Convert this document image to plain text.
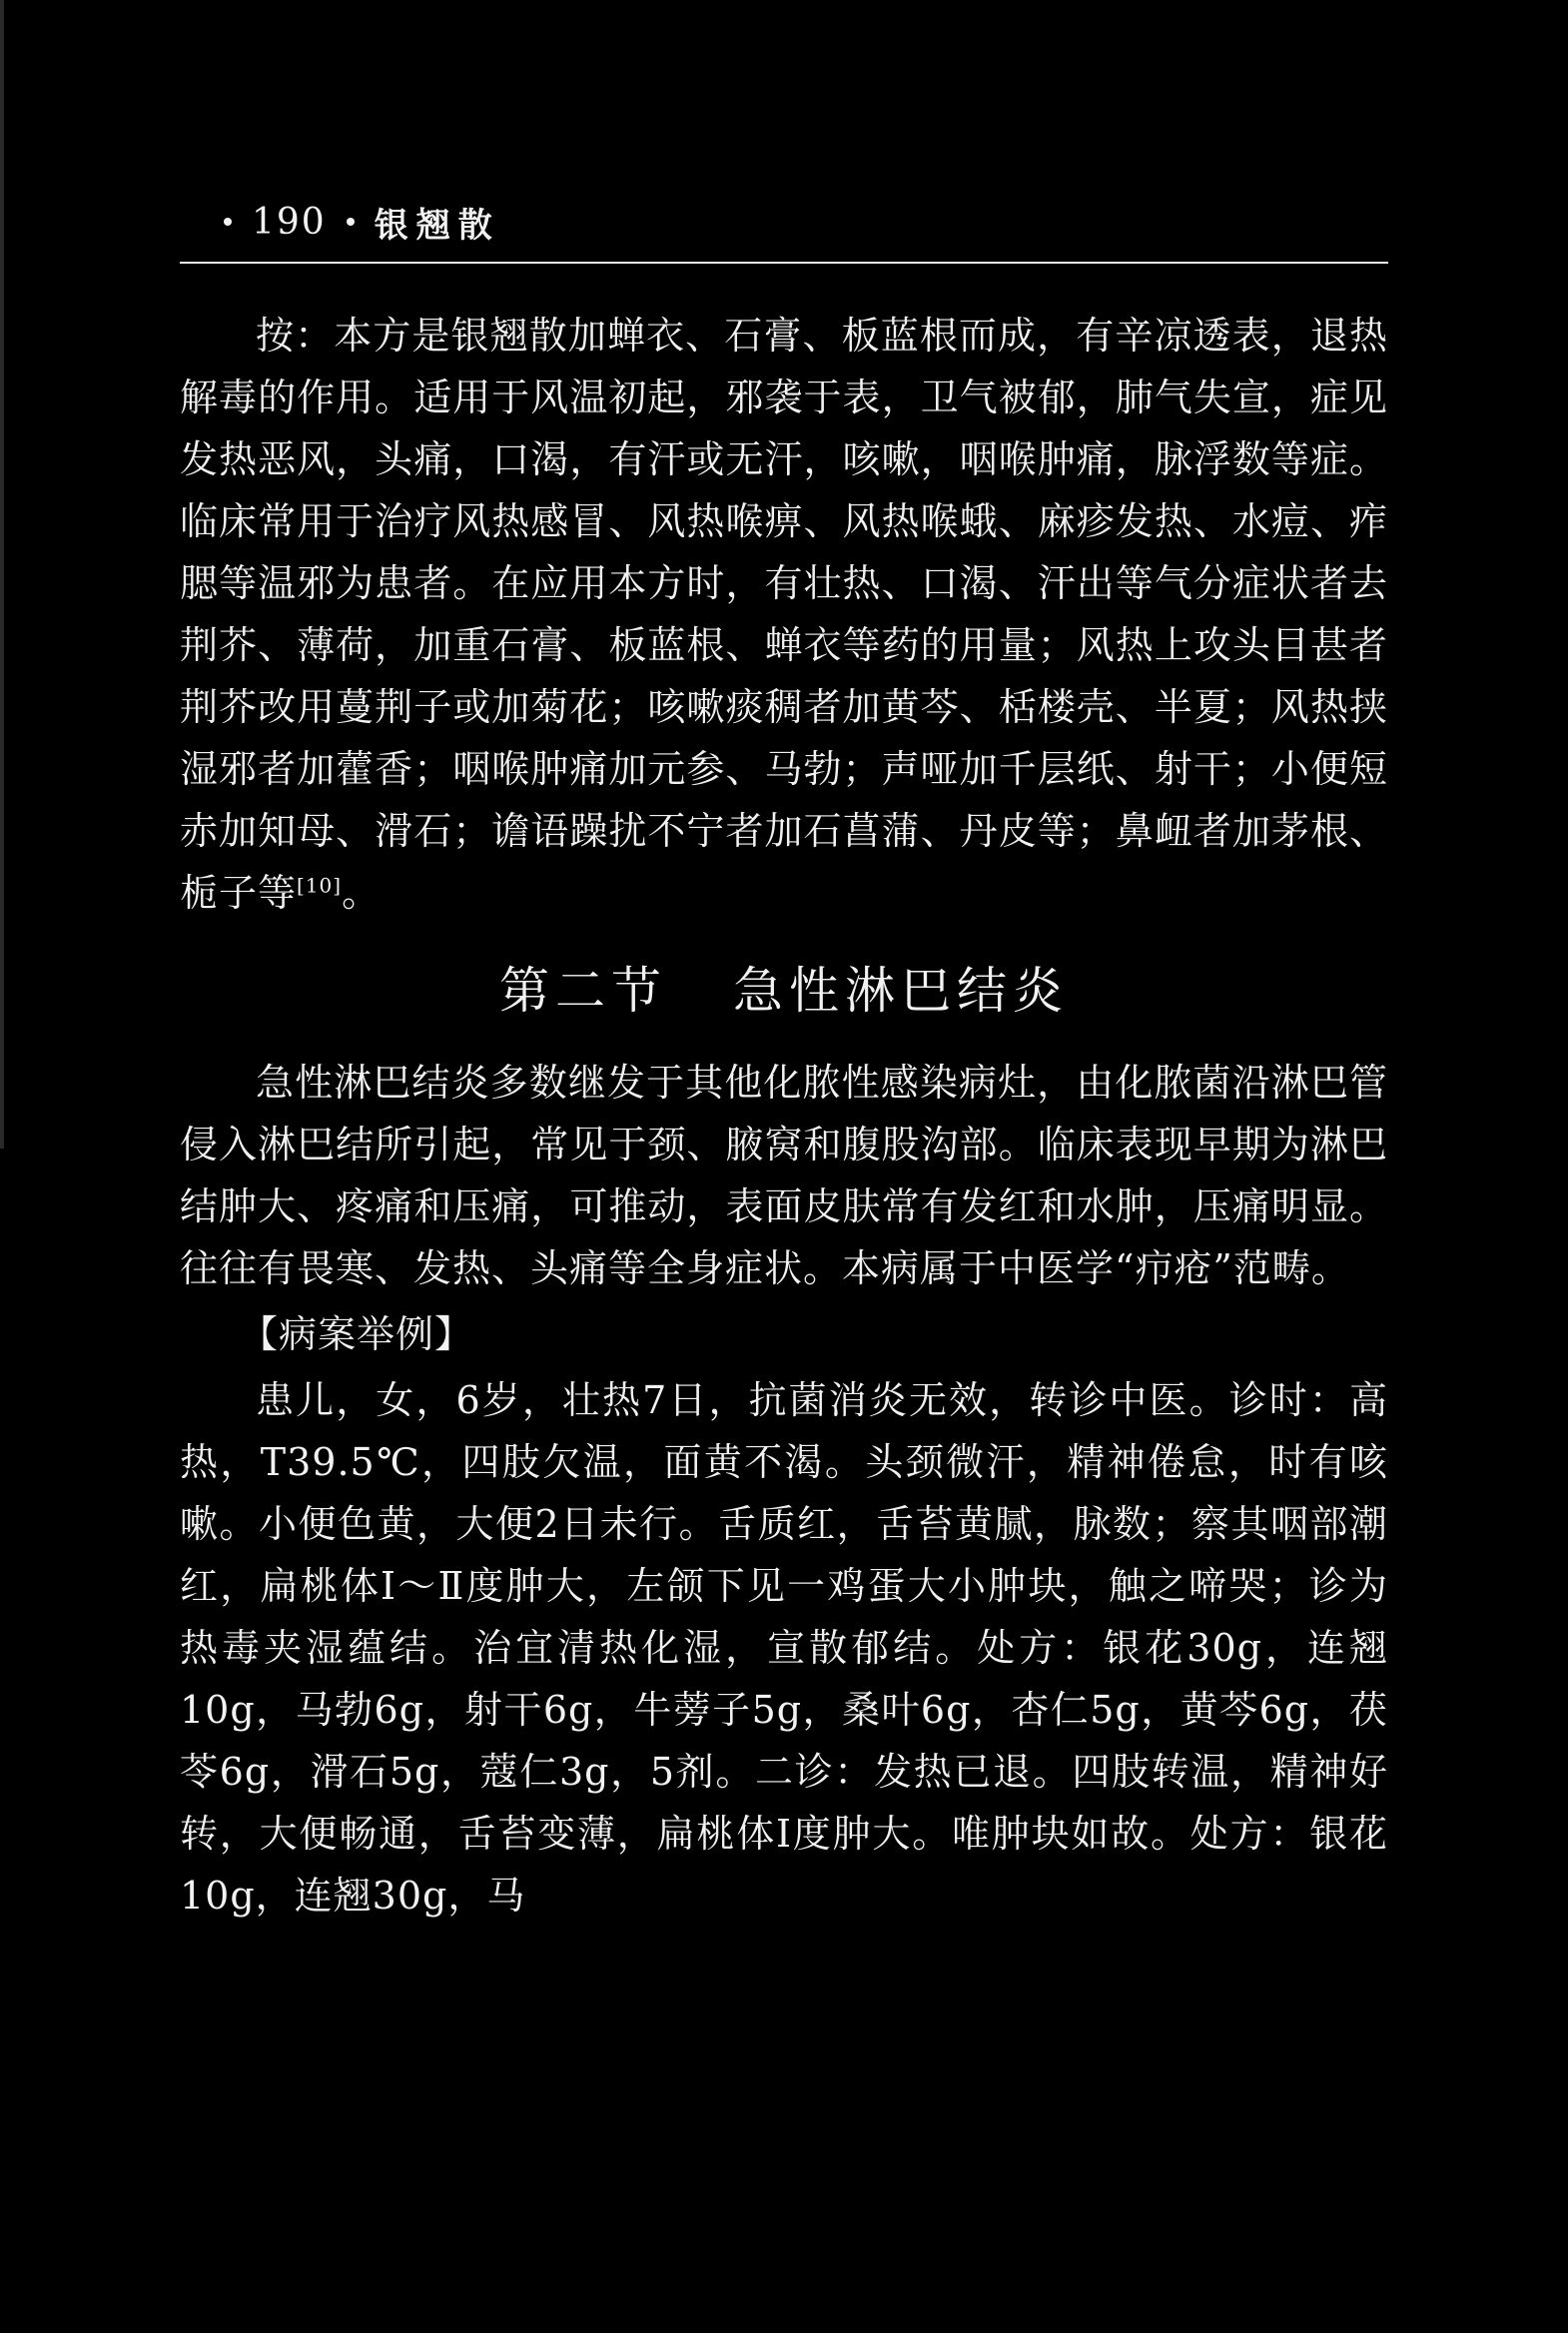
190 银翘散

按：本方是银翘散加蝉衣、石膏、板蓝根而成，有辛凉透表，退热解毒的作用。适用于风温初起，邪袭于表，卫气被郁，肺气失宣，症见发热恶风，头痛，口渴，有汗或无汗，咳嗽，咽喉肿痛，脉浮数等症。临床常用于治疗风热感冒、风热喉痹、风热喉蛾、麻疹发热、水痘、痄腮等温邪为患者。在应用本方时，有壮热、口渴、汗出等气分症状者去荆芥、薄荷，加重石膏、板蓝根、蝉衣等药的用量；风热上攻头目甚者荆芥改用蔓荆子或加菊花；咳嗽痰稠者加黄芩、栝楼壳、半夏；风热挟湿邪者加藿香；咽喉肿痛加元参、马勃；声哑加千层纸、射干；小便短赤加知母、滑石；谵语躁扰不宁者加石菖蒲、丹皮等；鼻衄者加茅根、栀子等[10]。

第二节 急性淋巴结炎

急性淋巴结炎多数继发于其他化脓性感染病灶，由化脓菌沿淋巴管侵入淋巴结所引起，常见于颈、腋窝和腹股沟部。临床表现早期为淋巴结肿大、疼痛和压痛，可推动，表面皮肤常有发红和水肿，压痛明显。往往有畏寒、发热、头痛等全身症状。本病属于中医学“疖疮”范畴。

【病案举例】

患儿，女，6岁，壮热7日，抗菌消炎无效，转诊中医。诊时：高热，T39.5℃，四肢欠温，面黄不渴。头颈微汗，精神倦怠，时有咳嗽。小便色黄，大便2日未行。舌质红，舌苔黄腻，脉数；察其咽部潮红，扁桃体Ⅰ～Ⅱ度肿大，左颌下见一鸡蛋大小肿块，触之啼哭；诊为热毒夹湿蕴结。治宜清热化湿，宣散郁结。处方：银花30g，连翘10g，马勃6g，射干6g，牛蒡子5g，桑叶6g，杏仁5g，黄芩6g，茯苓6g，滑石5g，蔻仁3g，5剂。二诊：发热已退。四肢转温，精神好转，大便畅通，舌苔变薄，扁桃体Ⅰ度肿大。唯肿块如故。处方：银花10g，连翘30g，马
